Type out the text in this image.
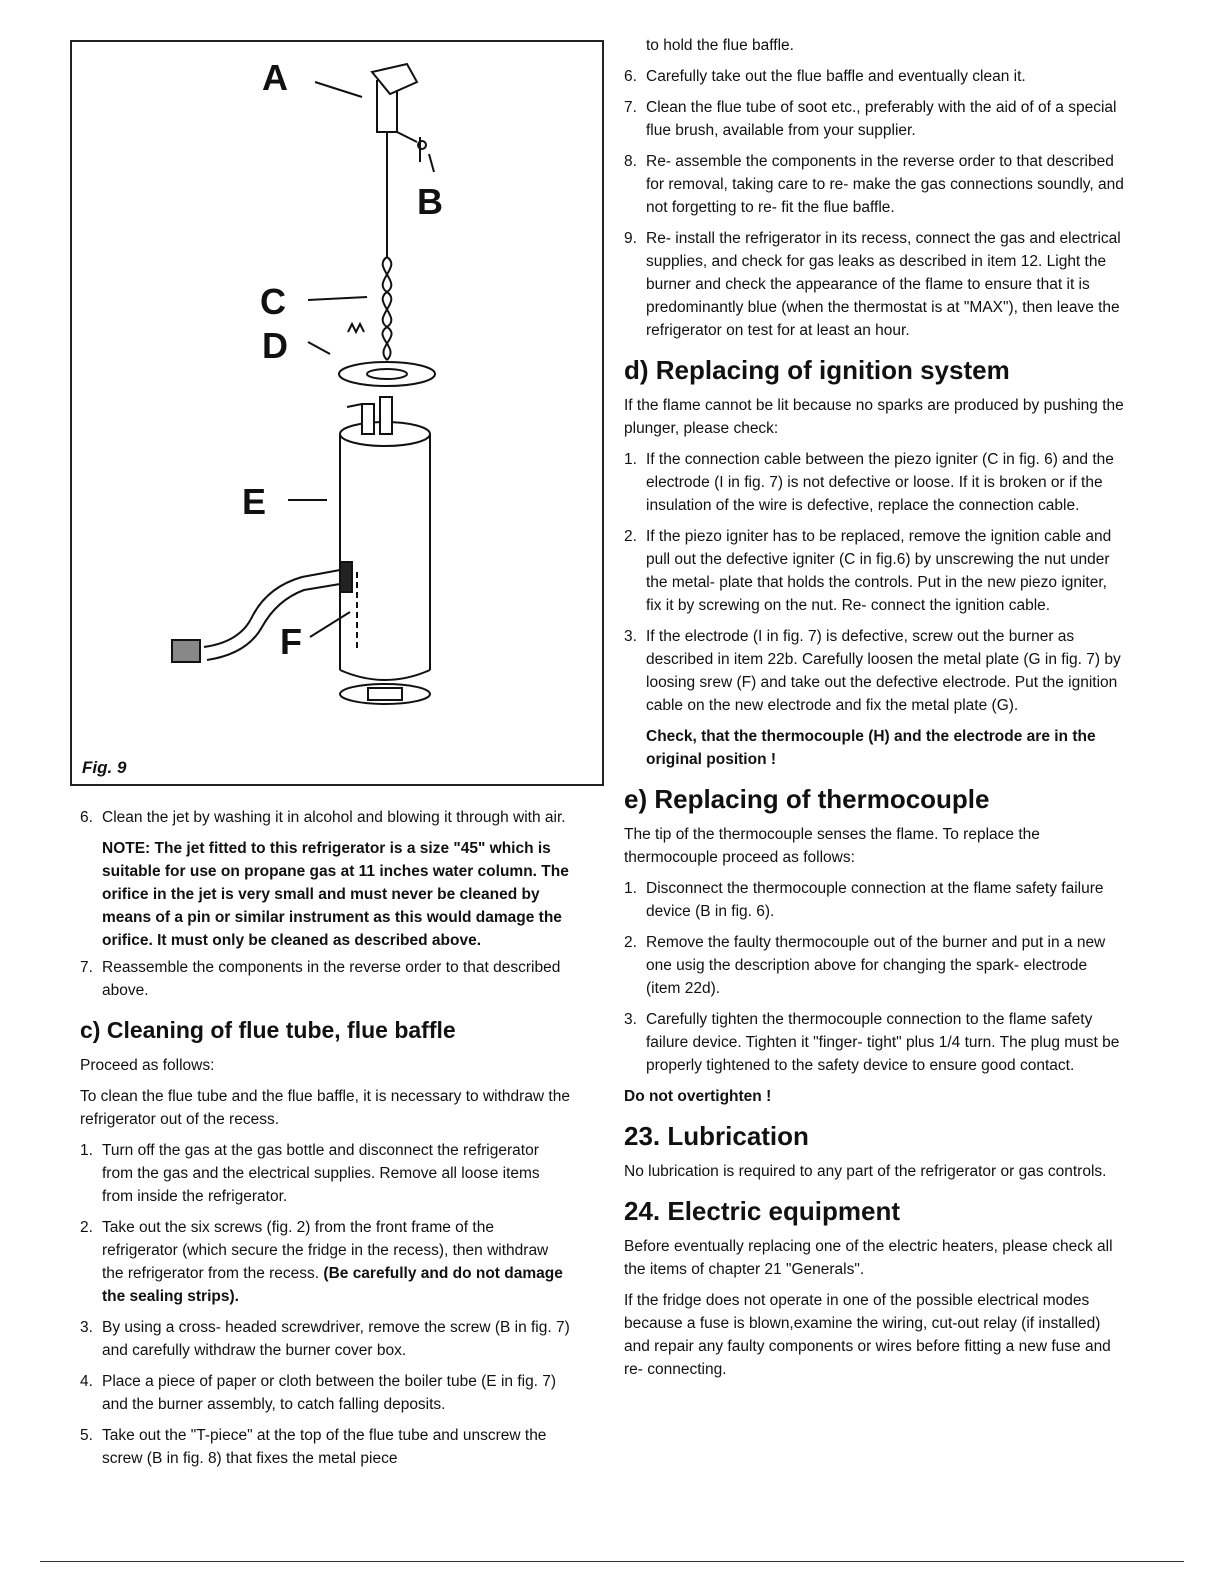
A
B
C
D
E
F
Fig. 9
6. Clean the jet by washing it in alcohol and blowing it through with air.

NOTE: The jet fitted to this refrigerator is a size "45" which is suitable for use on propane gas at 11 inches water column. The orifice in the jet is very small and must never be cleaned by means of a pin or similar instrument as this would damage the orifice. It must only be cleaned as described above.

7. Reassemble the components in the reverse order to that described above.
c) Cleaning of flue tube, flue baffle

Proceed as follows:

To clean the flue tube and the flue baffle, it is necessary to withdraw the refrigerator out of the recess.

1. Turn off the gas at the gas bottle and disconnect the refrigerator from the gas and the electrical supplies. Remove all loose items from inside the refrigerator.
2. Take out the six screws (fig. 2) from the front frame of the refrigerator (which secure the fridge in the recess), then withdraw the refrigerator from the recess. (Be carefully and do not damage the sealing strips).
3. By using a cross- headed screwdriver, remove the screw (B in fig. 7) and carefully withdraw the burner cover box.
4. Place a piece of paper or cloth between the boiler tube (E in fig. 7) and the burner assembly, to catch falling deposits.
5. Take out the "T-piece" at the top of the flue tube and unscrew the screw (B in fig. 8) that fixes the metal piece

to hold the flue baffle.

6. Carefully take out the flue baffle and eventually clean it.
7. Clean the flue tube of soot etc., preferably with the aid of of a special flue brush, available from your supplier.
8. Re- assemble the components in the reverse order to that described for removal, taking care to re- make the gas connections soundly, and not forgetting to re- fit the flue baffle.
9. Re- install the refrigerator in its recess, connect the gas and electrical supplies, and check for gas leaks as described in item 12. Light the burner and check the appearance of the flame to ensure that it is predominantly blue (when the thermostat is at "MAX"), then leave the refrigerator on test for at least an hour.
d) Replacing of ignition system

If the flame cannot be lit because no sparks are produced by pushing the plunger, please check:

1. If the connection cable between the piezo igniter (C in fig. 6) and the electrode (I in fig. 7) is not defective or loose. If it is broken or if the insulation of the wire is defective, replace the connection cable.
2. If the piezo igniter has to be replaced, remove the ignition cable and pull out the defective igniter (C in fig.6) by unscrewing the nut under the metal- plate that holds the controls. Put in the new piezo igniter, fix it by screwing on the nut. Re- connect the ignition cable.
3. If the electrode (I in fig. 7) is defective, screw out the burner as described in item 22b. Carefully loosen the metal plate (G in fig. 7) by loosing srew (F) and take out the defective electrode. Put the ignition cable on the new electrode and fix the metal plate (G).

Check, that the thermocouple (H) and the electrode are in the original position !

e) Replacing of thermocouple

The tip of the thermocouple senses the flame. To replace the thermocouple proceed as follows:

1. Disconnect the thermocouple connection at the flame safety failure device (B in fig. 6).
2. Remove the faulty thermocouple out of the burner and put in a new one usig the description above for changing the spark- electrode (item 22d).
3. Carefully tighten the thermocouple connection to the flame safety failure device. Tighten it "finger- tight" plus 1/4 turn. The plug must be properly tightened to the safety device to ensure good contact.

Do not overtighten !

23. Lubrication

No lubrication is required to any part of the refrigerator or gas controls.

24. Electric equipment

Before eventually replacing one of the electric heaters, please check all the items of chapter 21 "Generals".

If the fridge does not operate in one of the possible electrical modes because a fuse is blown,examine the wiring, cut-out relay (if installed) and repair any faulty components or wires before fitting a new fuse and re- connecting.
